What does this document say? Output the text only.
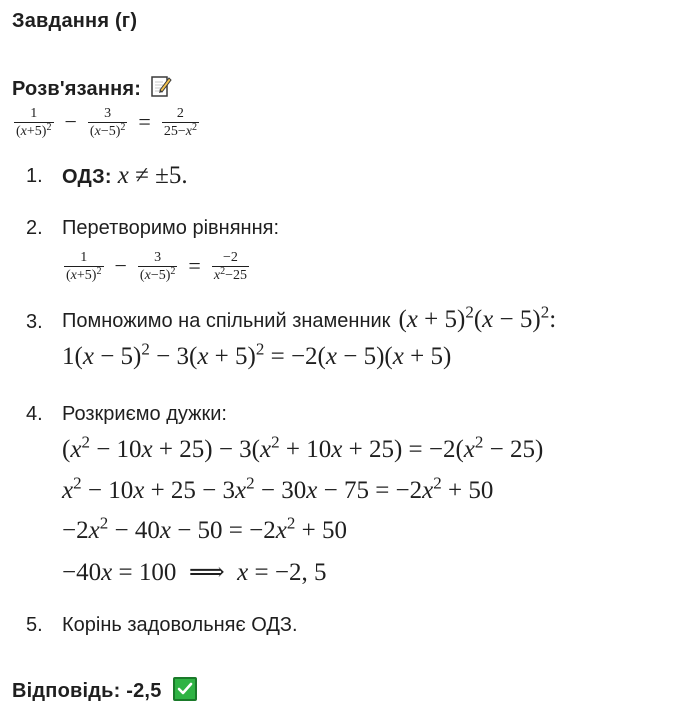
Завдання (г)
Розв'язання:
$\frac{1}{(x+5)^2} - \frac{3}{(x-5)^2} = \frac{2}{25-x^2}$
1. ОДЗ: x ≠ ±5.
2. Перетворимо рівняння:
$\frac{1}{(x+5)^2} - \frac{3}{(x-5)^2} = \frac{-2}{x^2-25}$
3. Помножимо на спільний знаменник $(x + 5)^2(x - 5)^2$:
$1(x - 5)^2 - 3(x + 5)^2 = -2(x - 5)(x + 5)$
4. Розкриємо дужки:
$(x^2 - 10x + 25) - 3(x^2 + 10x + 25) = -2(x^2 - 25)$
$x^2 - 10x + 25 - 3x^2 - 30x - 75 = -2x^2 + 50$
$-2x^2 - 40x - 50 = -2x^2 + 50$
−40x = 100  ⟹  x = −2, 5
5. Корінь задовольняє ОДЗ.
Відповідь: -2,5
